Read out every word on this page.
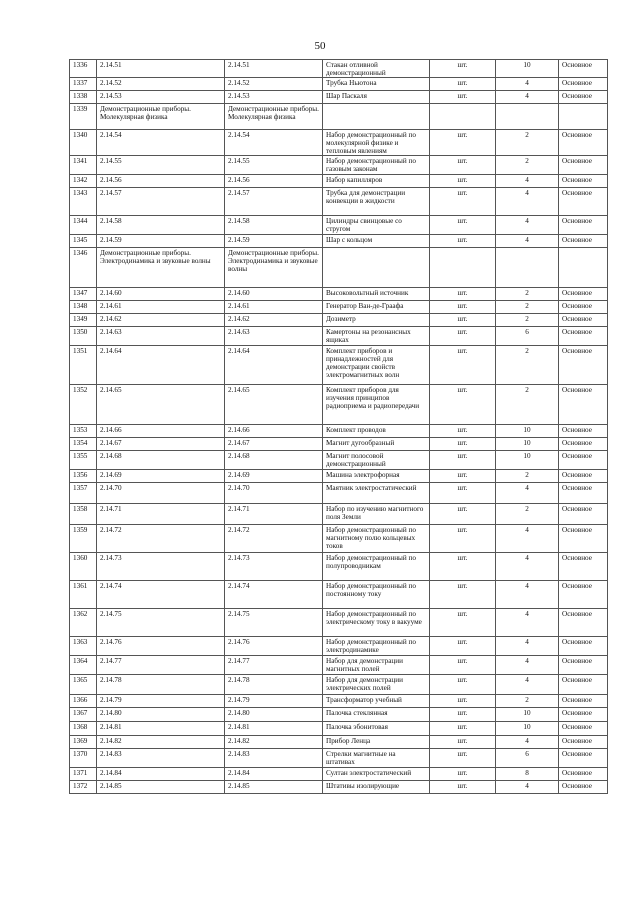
50
1336	2.14.51	2.14.51	Стакан отливной демонстрационный	шт.	10	Основное
1337	2.14.52	2.14.52	Трубка Ньютона	шт.	4	Основное
1338	2.14.53	2.14.53	Шар Паскаля	шт.	4	Основное
1339	Демонстрационные приборы. Молекулярная физика	Демонстрационные приборы. Молекулярная физика				
1340	2.14.54	2.14.54	Набор демонстрационный по молекулярной физике и тепловым явлениям	шт.	2	Основное
1341	2.14.55	2.14.55	Набор демонстрационный по газовым законам	шт.	2	Основное
1342	2.14.56	2.14.56	Набор капилляров	шт.	4	Основное
1343	2.14.57	2.14.57	Трубка для демонстрации конвекции в жидкости	шт.	4	Основное
1344	2.14.58	2.14.58	Цилиндры свинцовые со стругом	шт.	4	Основное
1345	2.14.59	2.14.59	Шар с кольцом	шт.	4	Основное
1346	Демонстрационные приборы. Электродинамика и звуковые волны	Демонстрационные приборы. Электродинамика и звуковые волны				
1347	2.14.60	2.14.60	Высоковольтный источник	шт.	2	Основное
1348	2.14.61	2.14.61	Генератор Ван-де-Граафа	шт.	2	Основное
1349	2.14.62	2.14.62	Дозиметр	шт.	2	Основное
1350	2.14.63	2.14.63	Камертоны на резонансных ящиках	шт.	6	Основное
1351	2.14.64	2.14.64	Комплект приборов и принадлежностей для демонстрации свойств электромагнитных волн	шт.	2	Основное
1352	2.14.65	2.14.65	Комплект приборов для изучения принципов радиоприема и радиопередачи	шт.	2	Основное
1353	2.14.66	2.14.66	Комплект проводов	шт.	10	Основное
1354	2.14.67	2.14.67	Магнит дугообразный	шт.	10	Основное
1355	2.14.68	2.14.68	Магнит полосовой демонстрационный	шт.	10	Основное
1356	2.14.69	2.14.69	Машина электрофорная	шт.	2	Основное
1357	2.14.70	2.14.70	Маятник электростатический	шт.	4	Основное
1358	2.14.71	2.14.71	Набор по изучению магнитного поля Земли	шт.	2	Основное
1359	2.14.72	2.14.72	Набор демонстрационный по магнитному полю кольцевых токов	шт.	4	Основное
1360	2.14.73	2.14.73	Набор демонстрационный по полупроводникам	шт.	4	Основное
1361	2.14.74	2.14.74	Набор демонстрационный по постоянному току	шт.	4	Основное
1362	2.14.75	2.14.75	Набор демонстрационный по электрическому току в вакууме	шт.	4	Основное
1363	2.14.76	2.14.76	Набор демонстрационный по электродинамике	шт.	4	Основное
1364	2.14.77	2.14.77	Набор для демонстрации магнитных полей	шт.	4	Основное
1365	2.14.78	2.14.78	Набор для демонстрации электрических полей	шт.	4	Основное
1366	2.14.79	2.14.79	Трансформатор учебный	шт.	2	Основное
1367	2.14.80	2.14.80	Палочка стеклянная	шт.	10	Основное
1368	2.14.81	2.14.81	Палочка эбонитовая	шт.	10	Основное
1369	2.14.82	2.14.82	Прибор Ленца	шт.	4	Основное
1370	2.14.83	2.14.83	Стрелки магнитные на штативах	шт.	6	Основное
1371	2.14.84	2.14.84	Султан электростатический	шт.	8	Основное
1372	2.14.85	2.14.85	Штативы изолирующие	шт.	4	Основное
